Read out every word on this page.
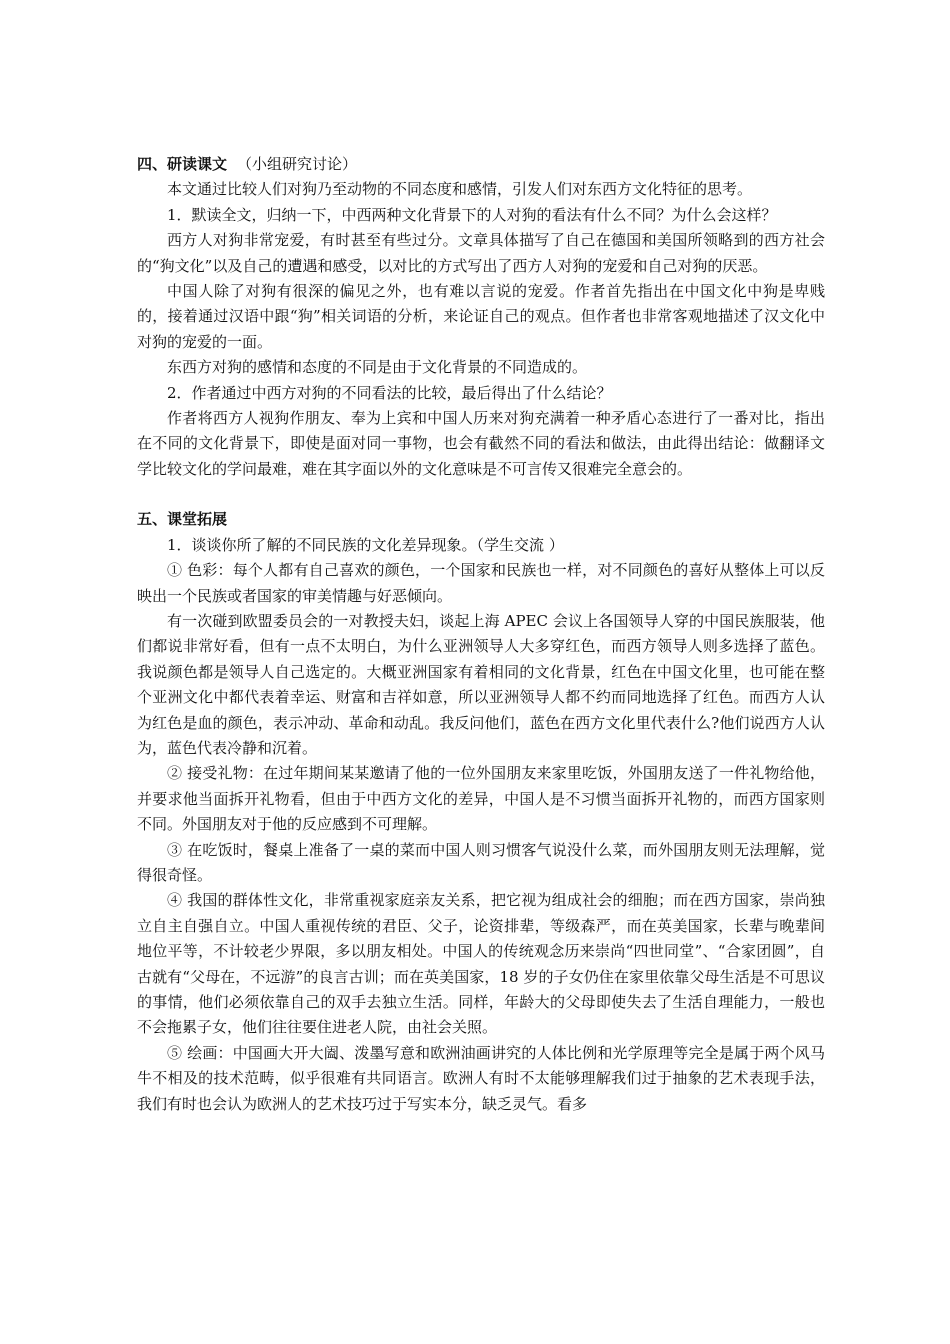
四、研读课文 （小组研究讨论）

本文通过比较人们对狗乃至动物的不同态度和感情，引发人们对东西方文化特征的思考。

1．默读全文，归纳一下，中西两种文化背景下的人对狗的看法有什么不同？为什么会这样？

西方人对狗非常宠爱，有时甚至有些过分。文章具体描写了自己在德国和美国所领略到的西方社会的“狗文化”以及自己的遭遇和感受，以对比的方式写出了西方人对狗的宠爱和自己对狗的厌恶。

中国人除了对狗有很深的偏见之外，也有难以言说的宠爱。作者首先指出在中国文化中狗是卑贱的，接着通过汉语中跟“狗”相关词语的分析，来论证自己的观点。但作者也非常客观地描述了汉文化中对狗的宠爱的一面。

东西方对狗的感情和态度的不同是由于文化背景的不同造成的。

2．作者通过中西方对狗的不同看法的比较，最后得出了什么结论？

作者将西方人视狗作朋友、奉为上宾和中国人历来对狗充满着一种矛盾心态进行了一番对比，指出在不同的文化背景下，即使是面对同一事物，也会有截然不同的看法和做法，由此得出结论：做翻译文学比较文化的学问最难，难在其字面以外的文化意味是不可言传又很难完全意会的。

五、课堂拓展

1．谈谈你所了解的不同民族的文化差异现象。（学生交流 ）

① 色彩：每个人都有自己喜欢的颜色，一个国家和民族也一样，对不同颜色的喜好从整体上可以反映出一个民族或者国家的审美情趣与好恶倾向。

有一次碰到欧盟委员会的一对教授夫妇，谈起上海 APEC 会议上各国领导人穿的中国民族服装，他们都说非常好看，但有一点不太明白，为什么亚洲领导人大多穿红色，而西方领导人则多选择了蓝色。我说颜色都是领导人自己选定的。大概亚洲国家有着相同的文化背景，红色在中国文化里，也可能在整个亚洲文化中都代表着幸运、财富和吉祥如意，所以亚洲领导人都不约而同地选择了红色。而西方人认为红色是血的颜色，表示冲动、革命和动乱。我反问他们，蓝色在西方文化里代表什么?他们说西方人认为，蓝色代表冷静和沉着。

② 接受礼物：在过年期间某某邀请了他的一位外国朋友来家里吃饭，外国朋友送了一件礼物给他，并要求他当面拆开礼物看，但由于中西方文化的差异，中国人是不习惯当面拆开礼物的，而西方国家则不同。外国朋友对于他的反应感到不可理解。

③ 在吃饭时，餐桌上准备了一桌的菜而中国人则习惯客气说没什么菜，而外国朋友则无法理解，觉得很奇怪。

④ 我国的群体性文化，非常重视家庭亲友关系，把它视为组成社会的细胞；而在西方国家，崇尚独立自主自强自立。中国人重视传统的君臣、父子，论资排辈，等级森严，而在英美国家，长辈与晚辈间地位平等，不计较老少界限，多以朋友相处。中国人的传统观念历来崇尚“四世同堂”、“合家团圆”，自古就有“父母在，不远游”的良言古训；而在英美国家，18 岁的子女仍住在家里依靠父母生活是不可思议的事情，他们必须依靠自己的双手去独立生活。同样，年龄大的父母即使失去了生活自理能力，一般也不会拖累子女，他们往往要住进老人院，由社会关照。

⑤ 绘画：中国画大开大阖、泼墨写意和欧洲油画讲究的人体比例和光学原理等完全是属于两个风马牛不相及的技术范畴，似乎很难有共同语言。欧洲人有时不太能够理解我们过于抽象的艺术表现手法，我们有时也会认为欧洲人的艺术技巧过于写实本分，缺乏灵气。看多
